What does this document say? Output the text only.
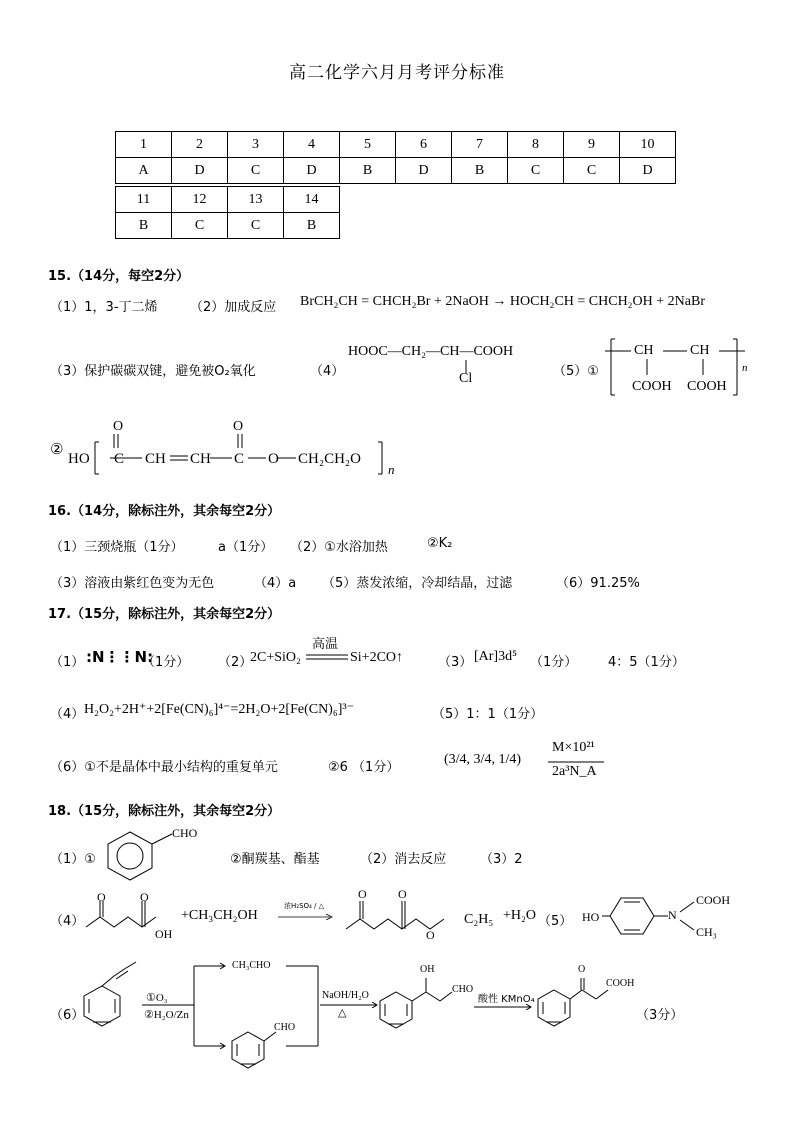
高二化学六月月考评分标准
1	2	3	4	5	6	7	8	9	10
A	D	C	D	B	D	B	C	C	D
11	12	13	14
B	C	C	B
15.（14分，每空2分）
（1）1，3-丁二烯 （2）加成反应 BrCH₂CH = CHCH₂Br + 2NaOH → HOCH₂CH = CHCH₂OH + 2NaBr
（3）保护碳碳双键，避免被O₂氧化	（4）
HOOC—CH₂—CH—COOH
Cl	（5）①
CH	CH
COOH COOH
n
②
HO C
O
CH CH C
O
O CH₂CH₂O
n
16.（14分，除标注外，其余每空2分）
（1）三颈烧瓶（1分）	a（1分） （2）①水浴加热	②K₂
（3）溶液由紫红色变为无色	（4）a （5）蒸发浓缩，冷却结晶，过滤	（6）91.25%
17.（15分，除标注外，其余每空2分）
（1） :N⋮⋮N:
（1分） （2）
2C+SiO₂
高温
Si+2CO↑	（3） [Ar]3d⁵ （1分） 4：5（1分）
（4） H₂O₂+2H⁺+2[Fe(CN)₆]⁴⁻=2H₂O+2[Fe(CN)₆]³⁻	（5）1：1（1分）
（6）①不是晶体中最小结构的重复单元	②6 （1分）
(3/4, 3/4, 1/4)
M×10²¹
2a³N_A
18.（15分，除标注外，其余每空2分）
（1）①
CHO
②酮羰基、酯基	（2）消去反应	（3）2
（4）
O	O
OH
+CH₃CH₂OH
浓H₂SO₄ / △
O	O
O
C₂H₅ +H₂O （5） HO	N
COOH
CH₃
（6）
①O₃
②H₂O/Zn
CH₃CHO
CHO
NaOH/H₂O
△
OH
CHO
酸性 KMnO₄
O
COOH
（3分）
